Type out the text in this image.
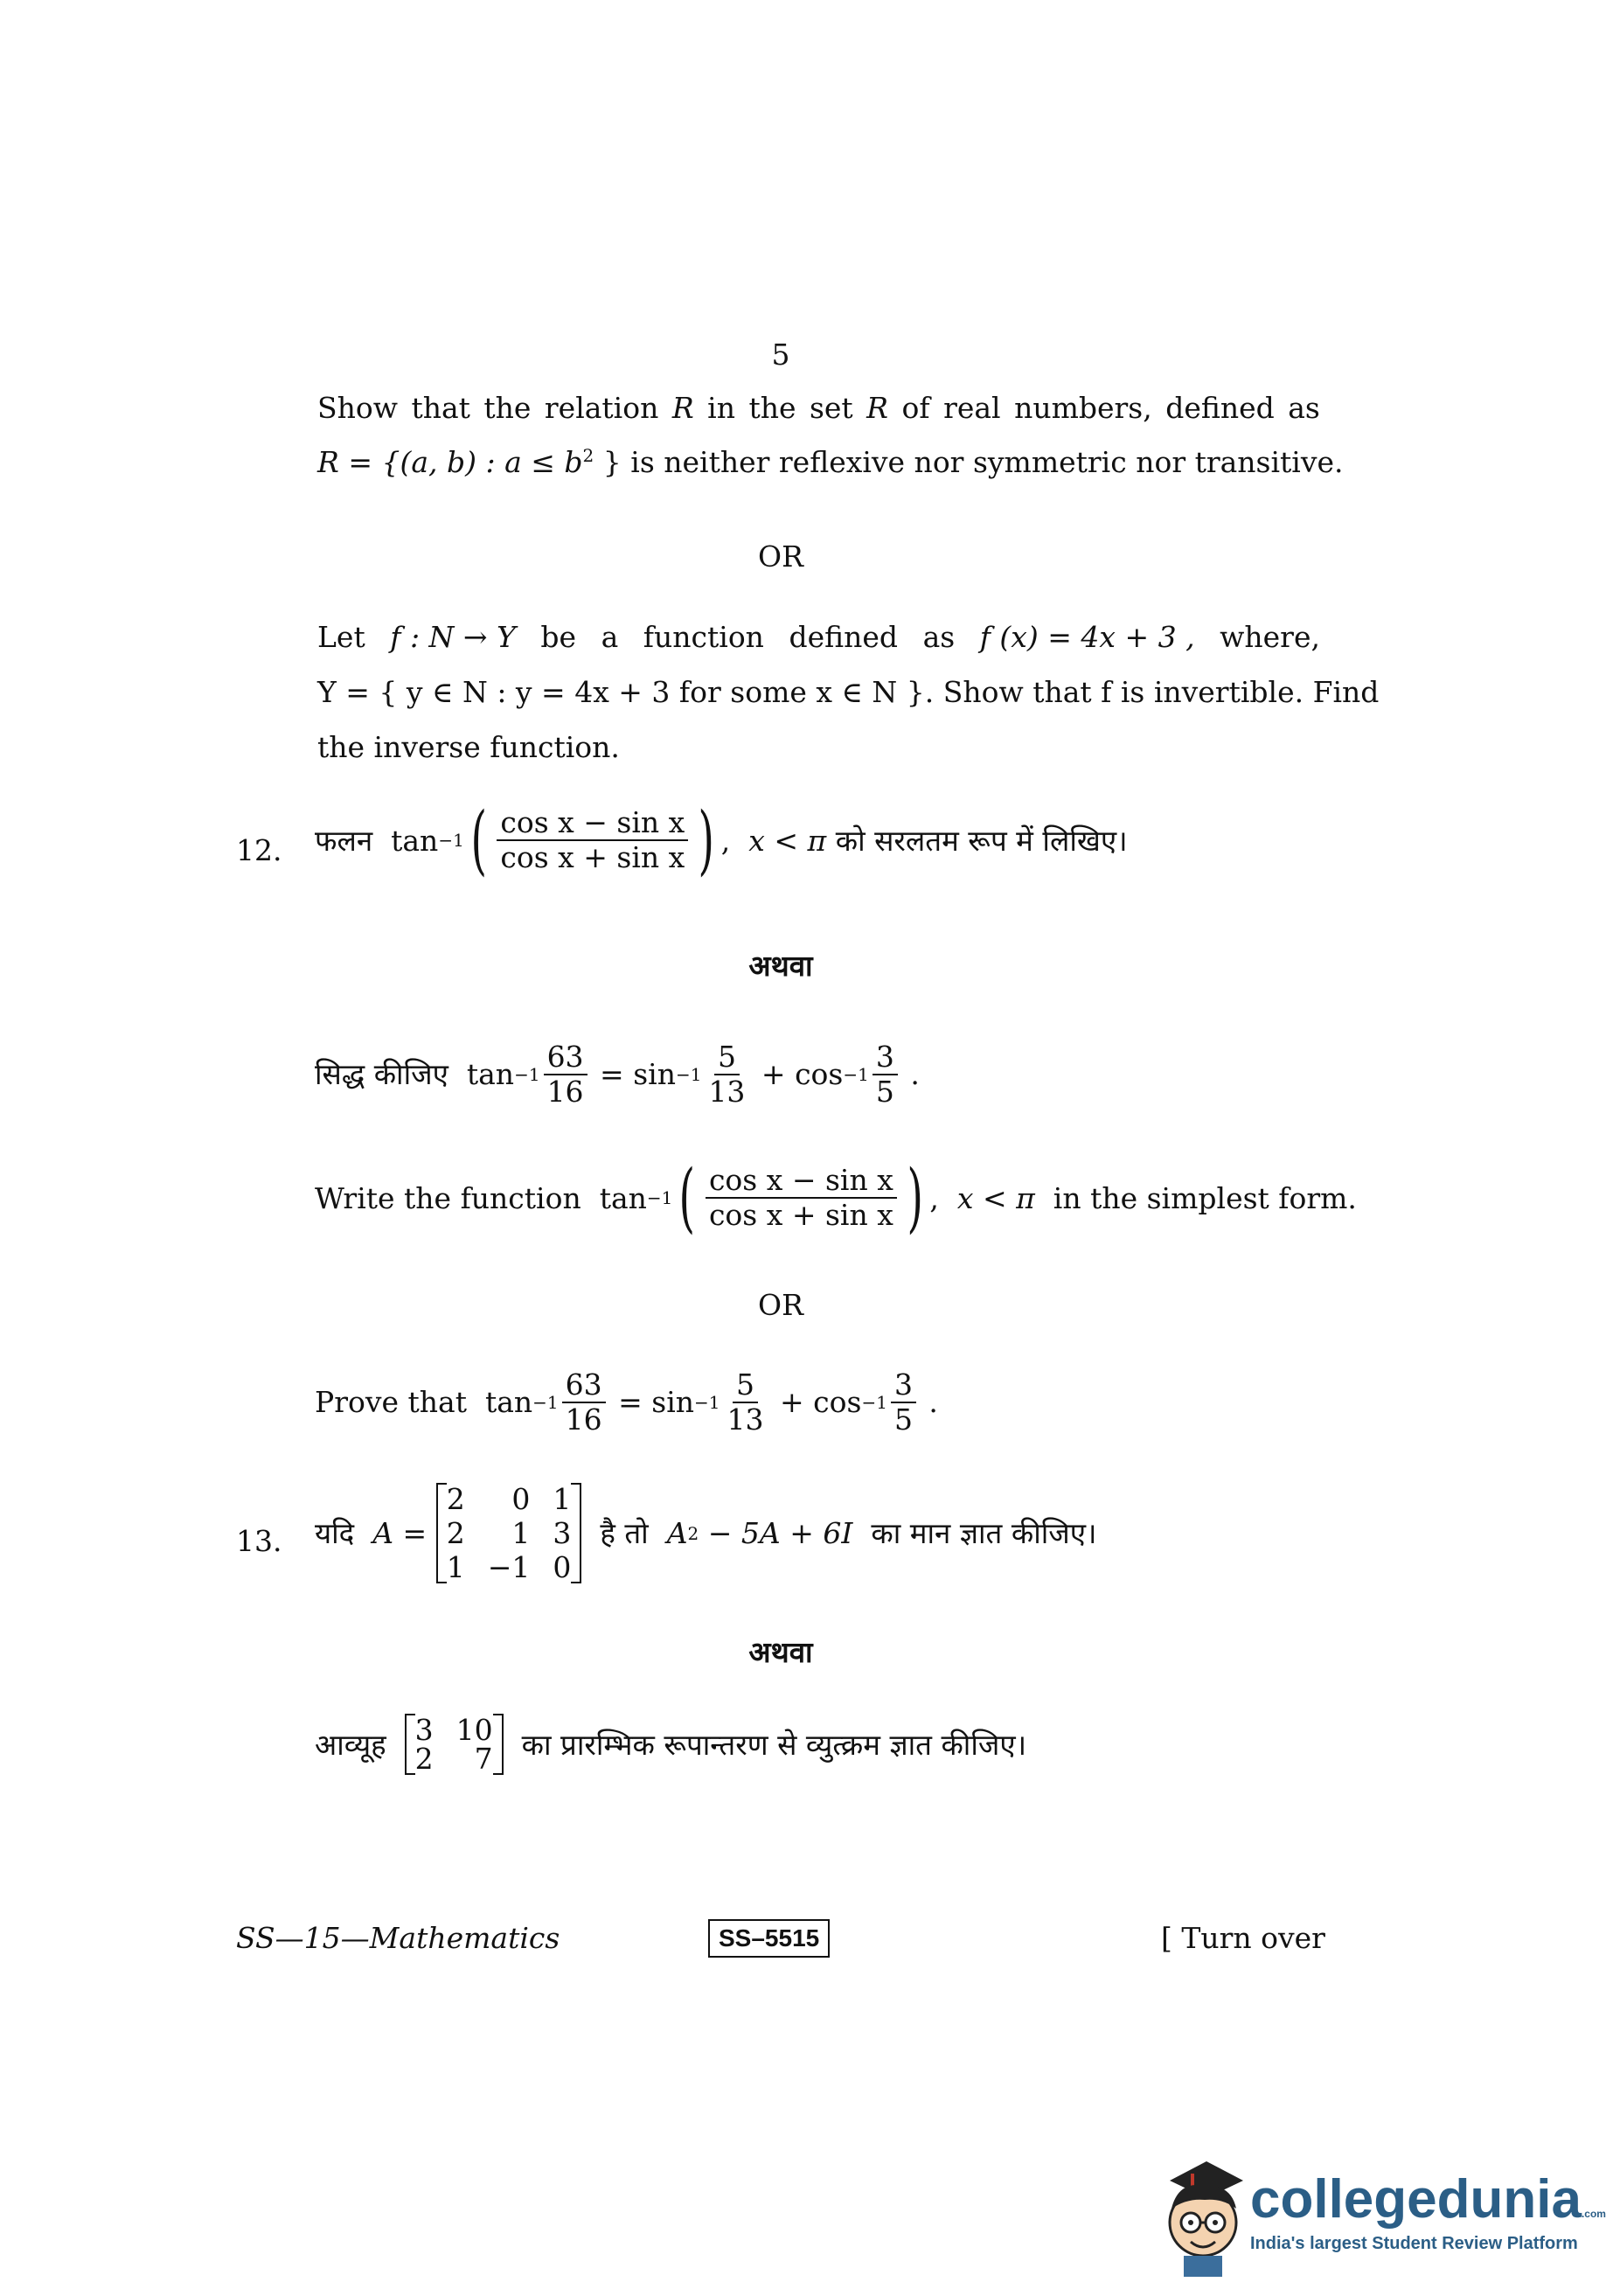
5
Show that the relation R in the set R of real numbers, defined as
R = {(a, b) : $a \le b^2$ } is neither reflexive nor symmetric nor transitive.
OR
Let f : N → Y be a function defined as f (x) = 4x + 3 , where,
Y = { y ∈ N : y = 4x + 3 for some x ∈ N }. Show that f is invertible. Find
the inverse function.
12. फलन
tan −1 ( $\frac{\text{cos x − sin x}}{\text{cos x + sin x}}$ ) , x < π
को सरलतम रूप में लिखिए।
अथवा
सिद्ध कीजिए
$\tan -1 \frac{63}{16} = \sin -1 \frac{5}{13} + \cos -1 \frac{3}{5}$ .
Write the function
tan −1 ( $\frac{\text{cos x − sin x}}{\text{cos x + sin x}}$ ) , x < π
in the simplest form.
OR
Prove that
$\tan -1 \frac{63}{16} = \sin -1 \frac{5}{13} + \cos -1 \frac{3}{5}$ .
13. यदि
A =

2	0 1
2	1 3
1 −1 0

है तो
A 2
− 5A + 6I
का मान ज्ञात कीजिए।
अथवा
आव्यूह
3 10
2	7
का प्रारम्भिक रूपान्तरण से व्युत्क्रम ज्ञात कीजिए।
SS—15—Mathematics	SS–5515	[ Turn over
collegedunia.com
India's largest Student Review Platform
